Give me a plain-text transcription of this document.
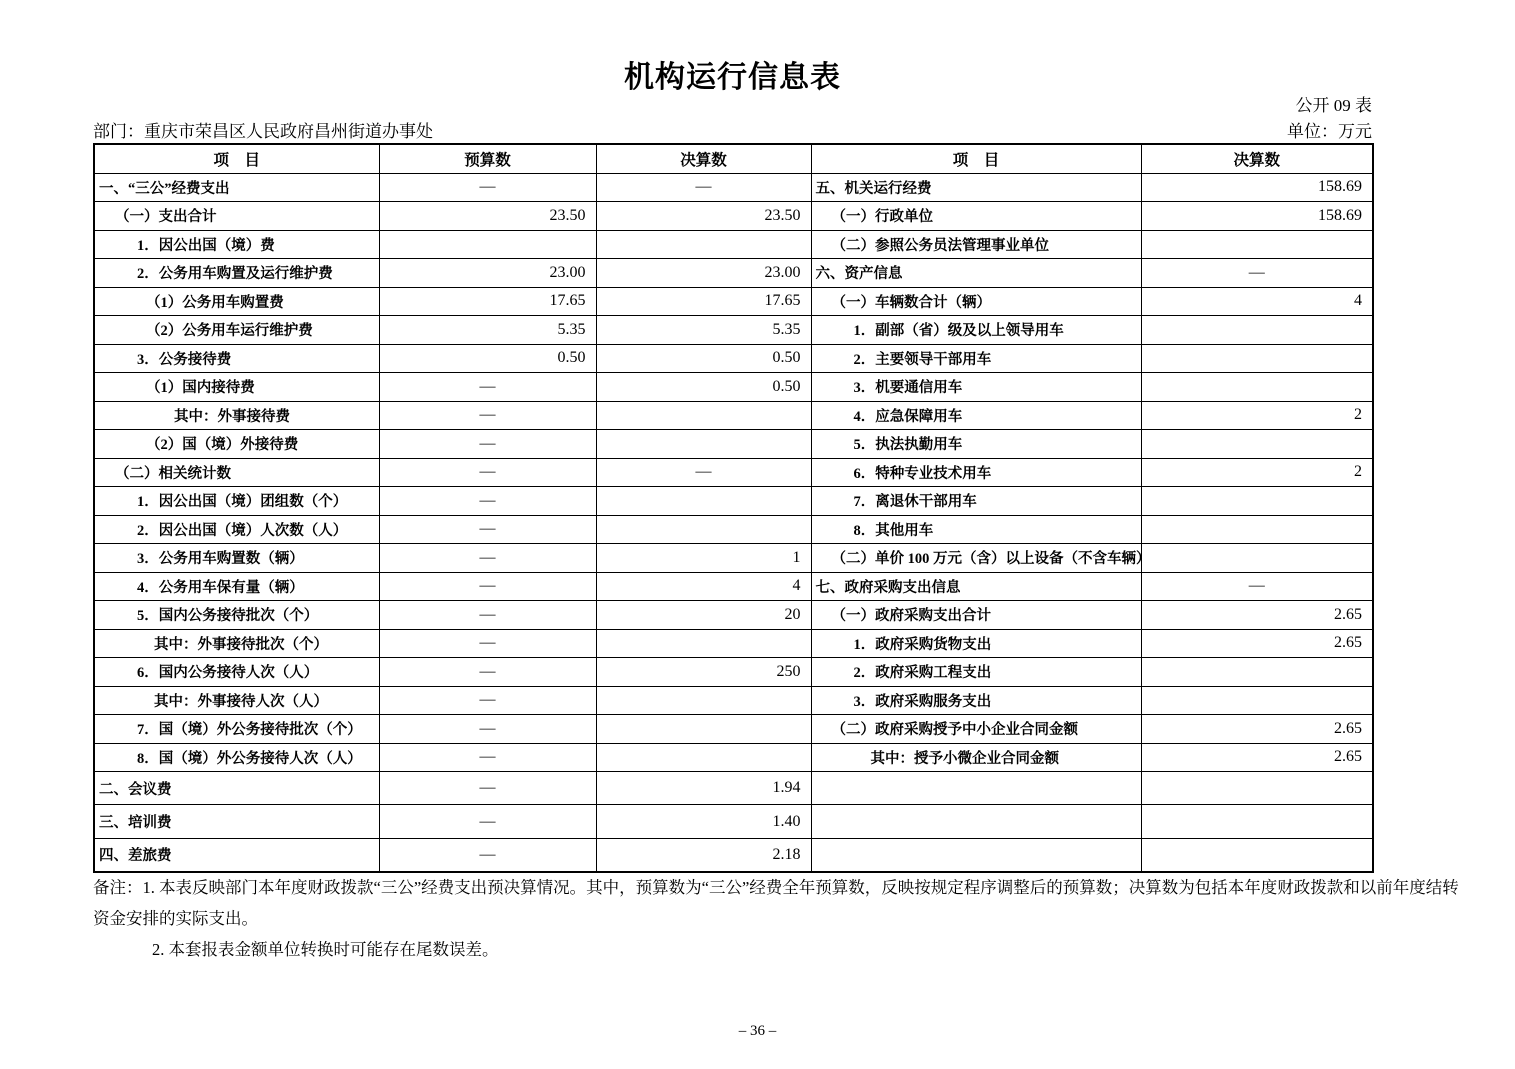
机构运行信息表
公开 09 表
部门：重庆市荣昌区人民政府昌州街道办事处	单位：万元
项　目	预算数	决算数	项　目	决算数
一、“三公”经费支出	—	—	五、机关运行经费	158.69
（一）支出合计	23.50	23.50	（一）行政单位	158.69
1．因公出国（境）费			（二）参照公务员法管理事业单位	
2．公务用车购置及运行维护费	23.00	23.00	六、资产信息	—
（1）公务用车购置费	17.65	17.65	（一）车辆数合计（辆）	4
（2）公务用车运行维护费	5.35	5.35	1．副部（省）级及以上领导用车	
3．公务接待费	0.50	0.50	2．主要领导干部用车	
（1）国内接待费	—	0.50	3．机要通信用车	
其中：外事接待费	—		4．应急保障用车	2
（2）国（境）外接待费	—		5．执法执勤用车	
（二）相关统计数	—	—	6．特种专业技术用车	2
1．因公出国（境）团组数（个）	—		7．离退休干部用车	
2．因公出国（境）人次数（人）	—		8．其他用车	
3．公务用车购置数（辆）	—	1	（二）单价 100 万元（含）以上设备（不含车辆）	
4．公务用车保有量（辆）	—	4	七、政府采购支出信息	—
5．国内公务接待批次（个）	—	20	（一）政府采购支出合计	2.65
其中：外事接待批次（个）	—		1．政府采购货物支出	2.65
6．国内公务接待人次（人）	—	250	2．政府采购工程支出	
其中：外事接待人次（人）	—		3．政府采购服务支出	
7．国（境）外公务接待批次（个）	—		（二）政府采购授予中小企业合同金额	2.65
8．国（境）外公务接待人次（人）	—		其中：授予小微企业合同金额	2.65
二、会议费	—	1.94		
三、培训费	—	1.40		
四、差旅费	—	2.18		
备注：1. 本表反映部门本年度财政拨款“三公”经费支出预决算情况。其中，预算数为“三公”经费全年预算数，反映按规定程序调整后的预算数；决算数为包括本年度财政拨款和以前年度结转
资金安排的实际支出。
2. 本套报表金额单位转换时可能存在尾数误差。
– 36 –
